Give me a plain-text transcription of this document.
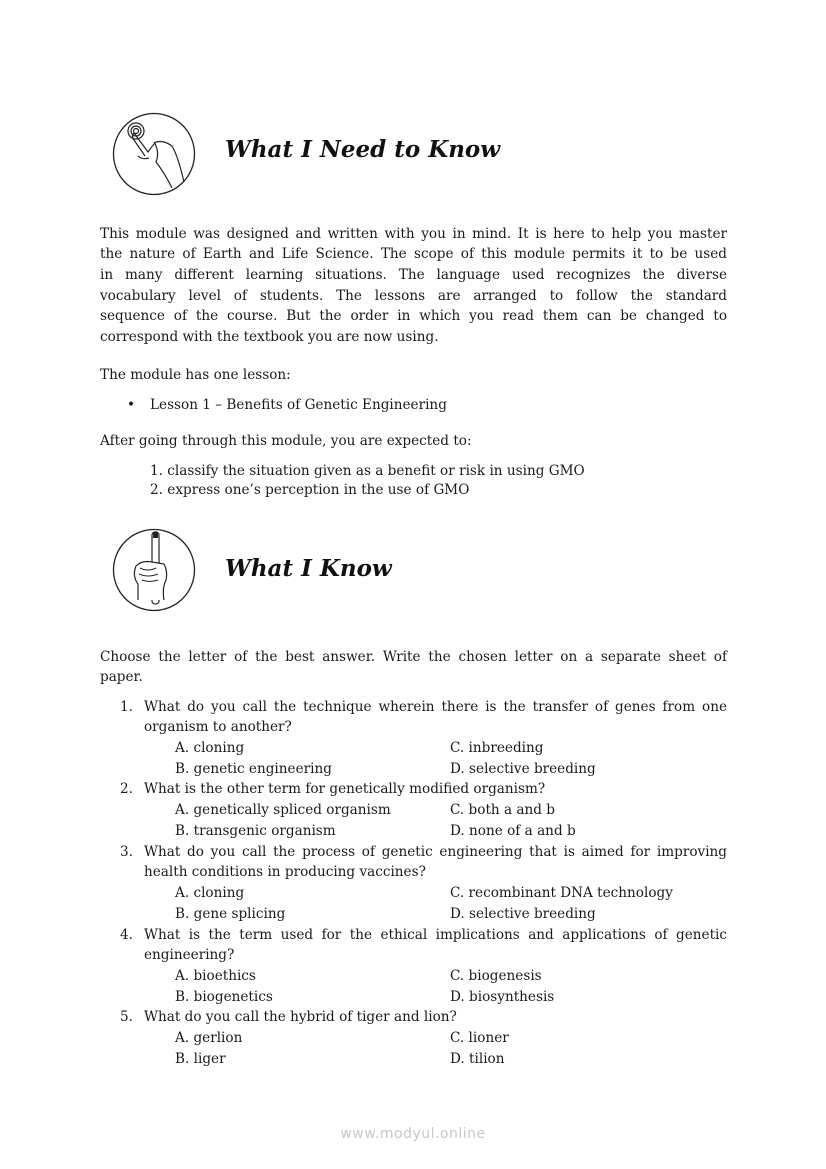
What I Need to Know
This module was designed and written with you in mind. It is here to help you master
the nature of Earth and Life Science. The scope of this module permits it to be used
in many different learning situations. The language used recognizes the diverse
vocabulary level of students. The lessons are arranged to follow the standard
sequence of the course. But the order in which you read them can be changed to
correspond with the textbook you are now using.
The module has one lesson:
• Lesson 1 – Benefits of Genetic Engineering
After going through this module, you are expected to:
1. classify the situation given as a benefit or risk in using GMO
2. express one’s perception in the use of GMO
What I Know
Choose the letter of the best answer. Write the chosen letter on a separate sheet of
paper.
1. What do you call the technique wherein there is the transfer of genes from one
organism to another?
A. cloning
B. genetic engineering
C. inbreeding
D. selective breeding
2. What is the other term for genetically modified organism?
A. genetically spliced organism
B. transgenic organism
C. both a and b
D. none of a and b
3. What do you call the process of genetic engineering that is aimed for improving
health conditions in producing vaccines?
A. cloning
B. gene splicing
C. recombinant DNA technology
D. selective breeding
4. What is the term used for the ethical implications and applications of genetic
engineering?
A. bioethics
B. biogenetics
C. biogenesis
D. biosynthesis
5. What do you call the hybrid of tiger and lion?
A. gerlion
B. liger
C. lioner
D. tilion
www.modyul.online
